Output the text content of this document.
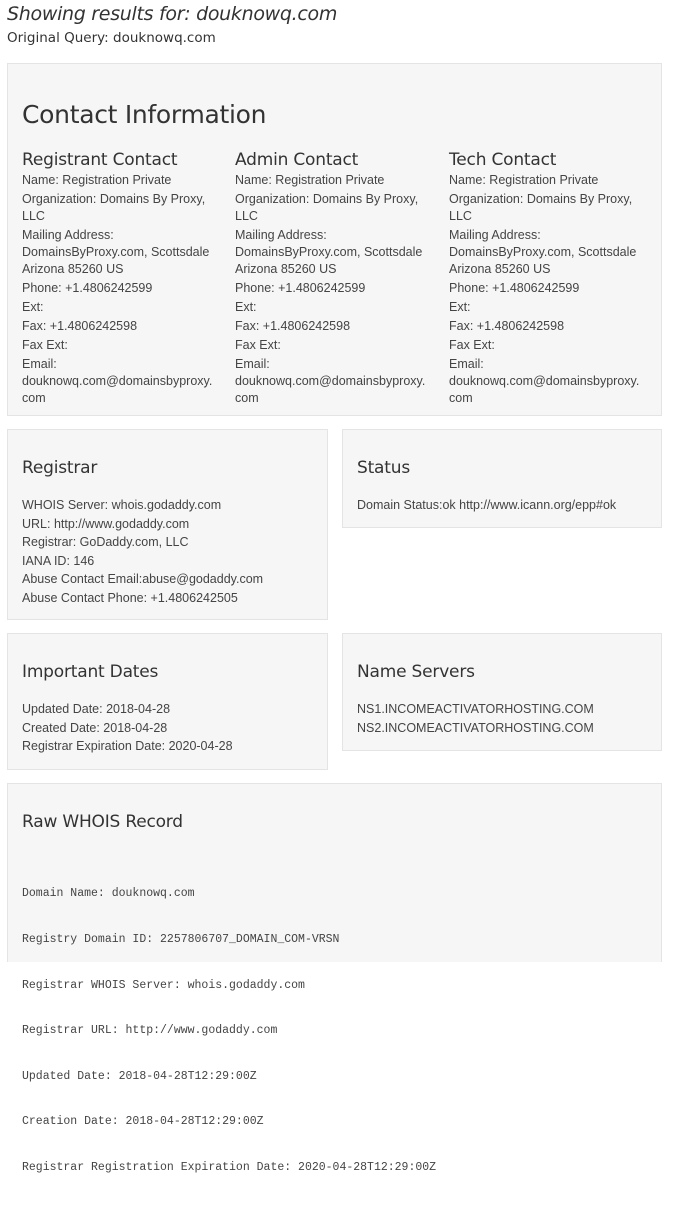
Showing results for: douknowq.com
Original Query: douknowq.com
Contact Information
Registrant Contact
Name: Registration Private
Organization: Domains By Proxy,
LLC
Mailing Address:
DomainsByProxy.com, Scottsdale
Arizona 85260 US
Phone: +1.4806242599
Ext:
Fax: +1.4806242598
Fax Ext:
Email:
douknowq.com@domainsbyproxy.
com
Admin Contact
Name: Registration Private
Organization: Domains By Proxy,
LLC
Mailing Address:
DomainsByProxy.com, Scottsdale
Arizona 85260 US
Phone: +1.4806242599
Ext:
Fax: +1.4806242598
Fax Ext:
Email:
douknowq.com@domainsbyproxy.
com
Tech Contact
Name: Registration Private
Organization: Domains By Proxy,
LLC
Mailing Address:
DomainsByProxy.com, Scottsdale
Arizona 85260 US
Phone: +1.4806242599
Ext:
Fax: +1.4806242598
Fax Ext:
Email:
douknowq.com@domainsbyproxy.
com
Registrar
WHOIS Server: whois.godaddy.com
URL: http://www.godaddy.com
Registrar: GoDaddy.com, LLC
IANA ID: 146
Abuse Contact Email:abuse@godaddy.com
Abuse Contact Phone: +1.4806242505
Status
Domain Status:ok http://www.icann.org/epp#ok
Important Dates
Updated Date: 2018-04-28
Created Date: 2018-04-28
Registrar Expiration Date: 2020-04-28
Name Servers
NS1.INCOMEACTIVATORHOSTING.COM
NS2.INCOMEACTIVATORHOSTING.COM
Raw WHOIS Record

Domain Name: douknowq.com

Registry Domain ID: 2257806707_DOMAIN_COM-VRSN

Registrar WHOIS Server: whois.godaddy.com

Registrar URL: http://www.godaddy.com

Updated Date: 2018-04-28T12:29:00Z

Creation Date: 2018-04-28T12:29:00Z

Registrar Registration Expiration Date: 2020-04-28T12:29:00Z
